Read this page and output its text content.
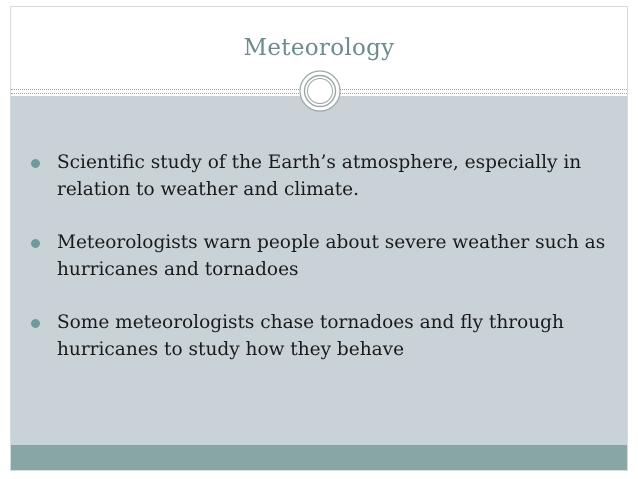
Meteorology
Scientific study of the Earth’s atmosphere, especially in relation to weather and climate.
Meteorologists warn people about severe weather such as hurricanes and tornadoes
Some meteorologists chase tornadoes and fly through hurricanes to study how they behave
